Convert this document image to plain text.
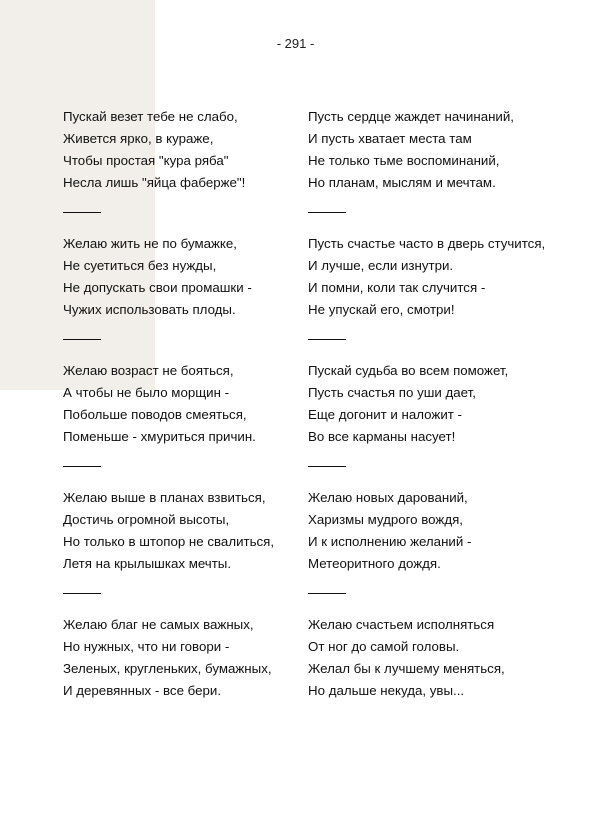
- 291 -
Пускай везет тебе не слабо,
Живется ярко, в кураже,
Чтобы простая "кура ряба"
Несла лишь "яйца фаберже"!
Желаю жить не по бумажке,
Не суетиться без нужды,
Не допускать свои промашки -
Чужих использовать плоды.
Желаю возраст не бояться,
А чтобы не было морщин -
Побольше поводов смеяться,
Поменьше - хмуриться причин.
Желаю выше в планах взвиться,
Достичь огромной высоты,
Но только в штопор не свалиться,
Летя на крылышках мечты.
Желаю благ не самых важных,
Но нужных, что ни говори -
Зеленых, кругленьких, бумажных,
И деревянных - все бери.
Пусть сердце жаждет начинаний,
И пусть хватает места там
Не только тьме воспоминаний,
Но планам, мыслям и мечтам.
Пусть счастье часто в дверь стучится,
И лучше, если изнутри.
И помни, коли так случится -
Не упускай его, смотри!
Пускай судьба во всем поможет,
Пусть счастья по уши дает,
Еще догонит и наложит -
Во все карманы насует!
Желаю новых дарований,
Харизмы мудрого вождя,
И к исполнению желаний -
Метеоритного дождя.
Желаю счастьем исполняться
От ног до самой головы.
Желал бы к лучшему меняться,
Но дальше некуда, увы...
